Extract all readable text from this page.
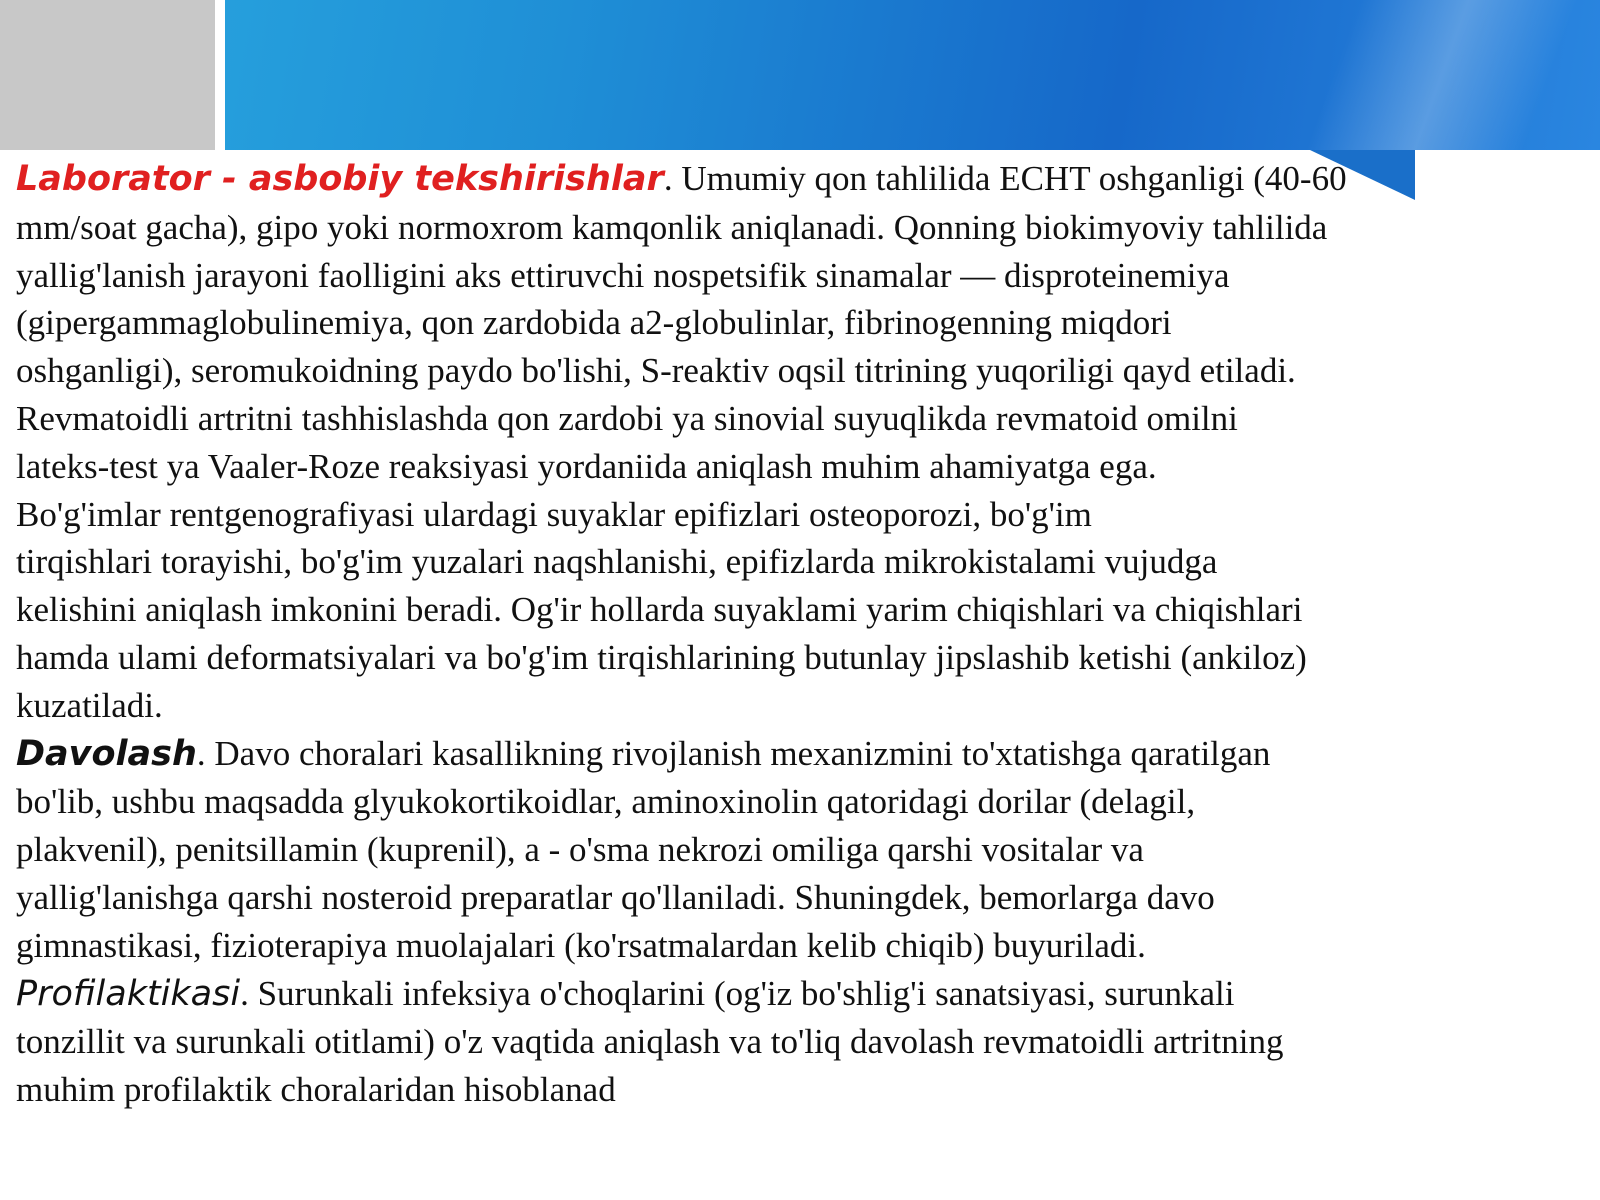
Laborator - asbobiy tekshirishlar. Umumiy qon tahlilida ECHT oshganligi (40-60
mm/soat gacha), gipo yoki normoxrom kamqonlik aniqlanadi. Qonning biokimyoviy tahlilida
yallig'lanish jarayoni faolligini aks ettiruvchi nospetsifik sinamalar — disproteinemiya
(gipergammaglobulinemiya, qon zardobida a2-globulinlar, fibrinogenning miqdori
oshganligi), seromukoidning paydo bo'lishi, S-reaktiv oqsil titrining yuqoriligi qayd etiladi.
Revmatoidli artritni tashhislashda qon zardobi ya sinovial suyuqlikda revmatoid omilni
lateks-test ya Vaaler-Roze reaksiyasi yordaniida aniqlash muhim ahamiyatga ega.
Bo'g'imlar rentgenografiyasi ulardagi suyaklar epifizlari osteoporozi, bo'g'im
tirqishlari torayishi, bo'g'im yuzalari naqshlanishi, epifizlarda mikrokistalami vujudga
kelishini aniqlash imkonini beradi. Og'ir hollarda suyaklami yarim chiqishlari va chiqishlari
hamda ulami deformatsiyalari va bo'g'im tirqishlarining butunlay jipslashib ketishi (ankiloz)
kuzatiladi.

Davolash. Davo choralari kasallikning rivojlanish mexanizmini to'xtatishga qaratilgan
bo'lib, ushbu maqsadda glyukokortikoidlar, aminoxinolin qatoridagi dorilar (delagil,
plakvenil), penitsillamin (kuprenil), a - o'sma nekrozi omiliga qarshi vositalar va
yallig'lanishga qarshi nosteroid preparatlar qo'llaniladi. Shuningdek, bemorlarga davo
gimnastikasi, fizioterapiya muolajalari (ko'rsatmalardan kelib chiqib) buyuriladi.

Profilaktikasi. Surunkali infeksiya o'choqlarini (og'iz bo'shlig'i sanatsiyasi, surunkali
tonzillit va surunkali otitlami) o'z vaqtida aniqlash va to'liq davolash revmatoidli artritning
muhim profilaktik choralaridan hisoblanad
